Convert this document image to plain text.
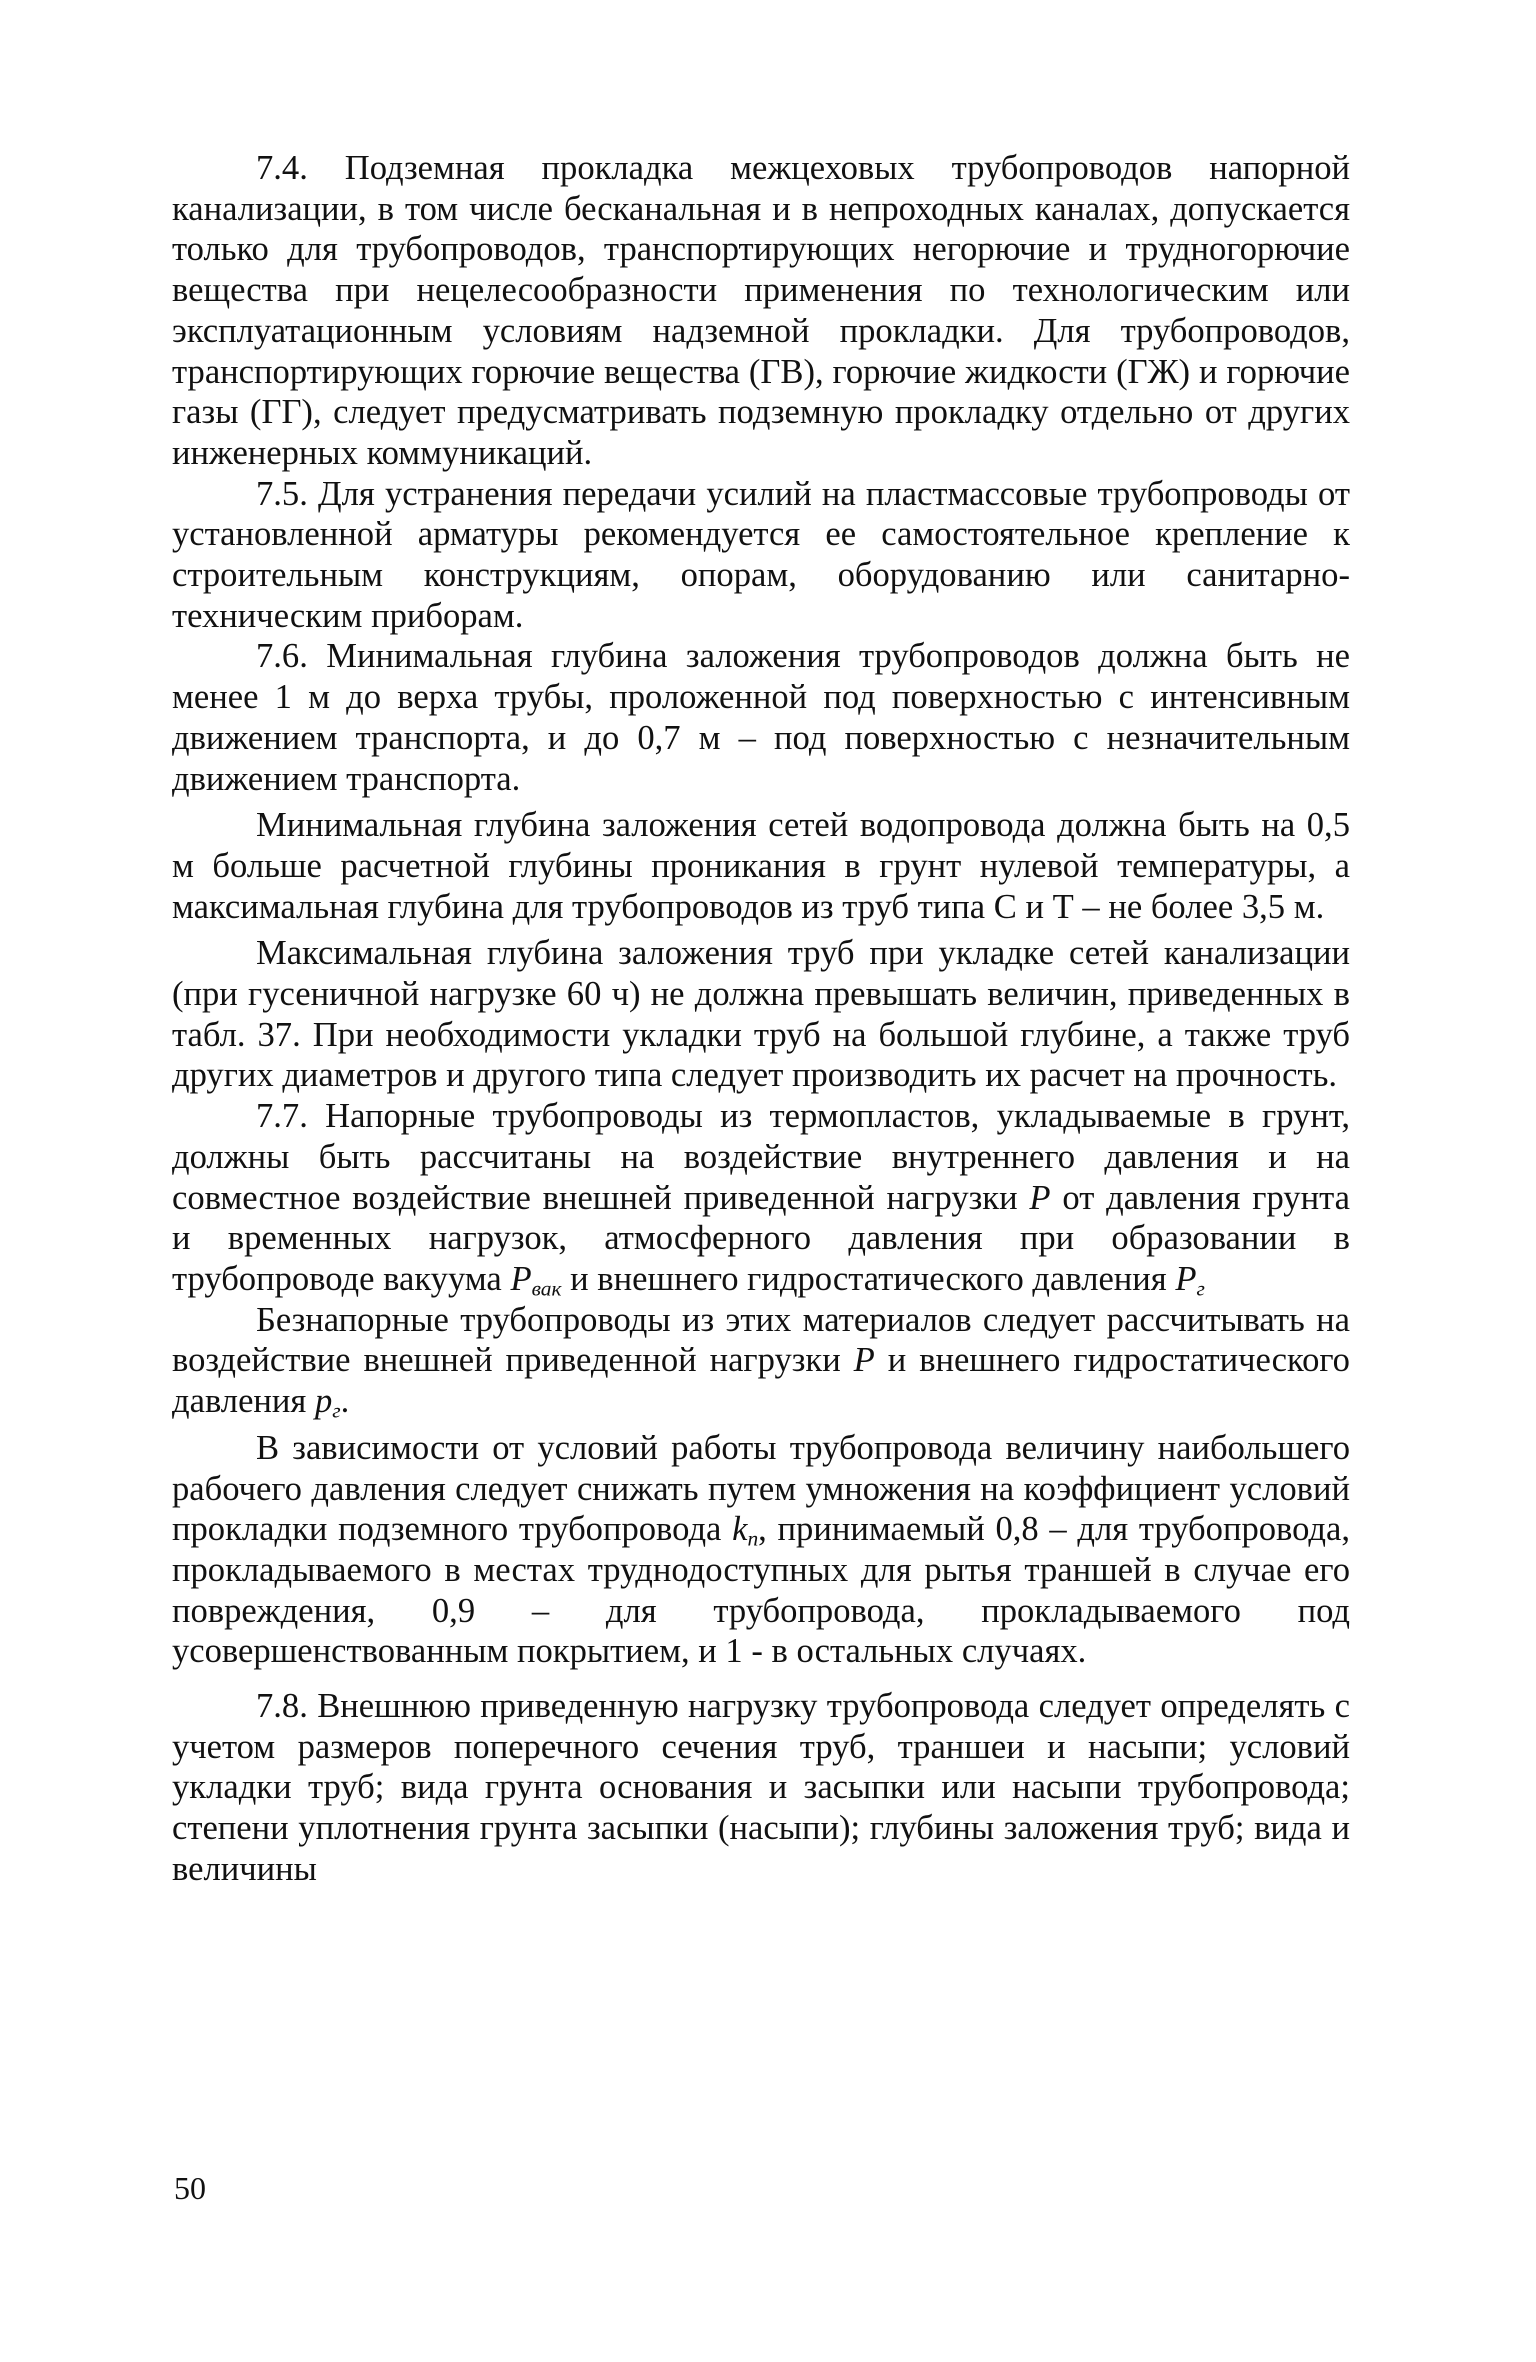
7.4. Подземная прокладка межцеховых трубопроводов напорной канализации, в том числе бесканальная и в непроходных каналах, допускается только для трубопроводов, транспортирующих негорючие и трудногорючие вещества при нецелесообразности применения по технологическим или эксплуатационным условиям надземной прокладки. Для трубопроводов, транспортирующих горючие вещества (ГВ), горючие жидкости (ГЖ) и горючие газы (ГГ), следует предусматривать подземную прокладку отдельно от других инженерных коммуникаций.

7.5. Для устранения передачи усилий на пластмассовые трубопроводы от установленной арматуры рекомендуется ее самостоятельное крепление к строительным конструкциям, опорам, оборудованию или санитарно-техническим приборам.

7.6. Минимальная глубина заложения трубопроводов должна быть не менее 1 м до верха трубы, проложенной под поверхностью с интенсивным движением транспорта, и до 0,7 м – под поверхностью с незначительным движением транспорта.

Минимальная глубина заложения сетей водопровода должна быть на 0,5 м больше расчетной глубины проникания в грунт нулевой температуры, а максимальная глубина для трубопроводов из труб типа С и Т – не более 3,5 м.

Максимальная глубина заложения труб при укладке сетей канализации (при гусеничной нагрузке 60 ч) не должна превышать величин, приведенных в табл. 37. При необходимости укладки труб на большой глубине, а также труб других диаметров и другого типа следует производить их расчет на прочность.

7.7. Напорные трубопроводы из термопластов, укладываемые в грунт, должны быть рассчитаны на воздействие внутреннего давления и на совместное воздействие внешней приведенной нагрузки P от давления грунта и временных нагрузок, атмосферного давления при образовании в трубопроводе вакуума $P_{вак}$ и внешнего гидростатического давления $P_г$

Безнапорные трубопроводы из этих материалов следует рассчитывать на воздействие внешней приведенной нагрузки P и внешнего гидростатического давления $p_г$.

В зависимости от условий работы трубопровода величину наибольшего рабочего давления следует снижать путем умножения на коэффициент условий прокладки подземного трубопровода $k_п$, принимаемый 0,8 – для трубопровода, прокладываемого в местах труднодоступных для рытья траншей в случае его повреждения, 0,9 – для трубопровода, прокладываемого под усовершенствованным покрытием, и 1 - в остальных случаях.

7.8. Внешнюю приведенную нагрузку трубопровода следует определять с учетом размеров поперечного сечения труб, траншеи и насыпи; условий укладки труб; вида грунта основания и засыпки или насыпи трубопровода; степени уплотнения грунта засыпки (насыпи); глубины заложения труб; вида и величины

50
